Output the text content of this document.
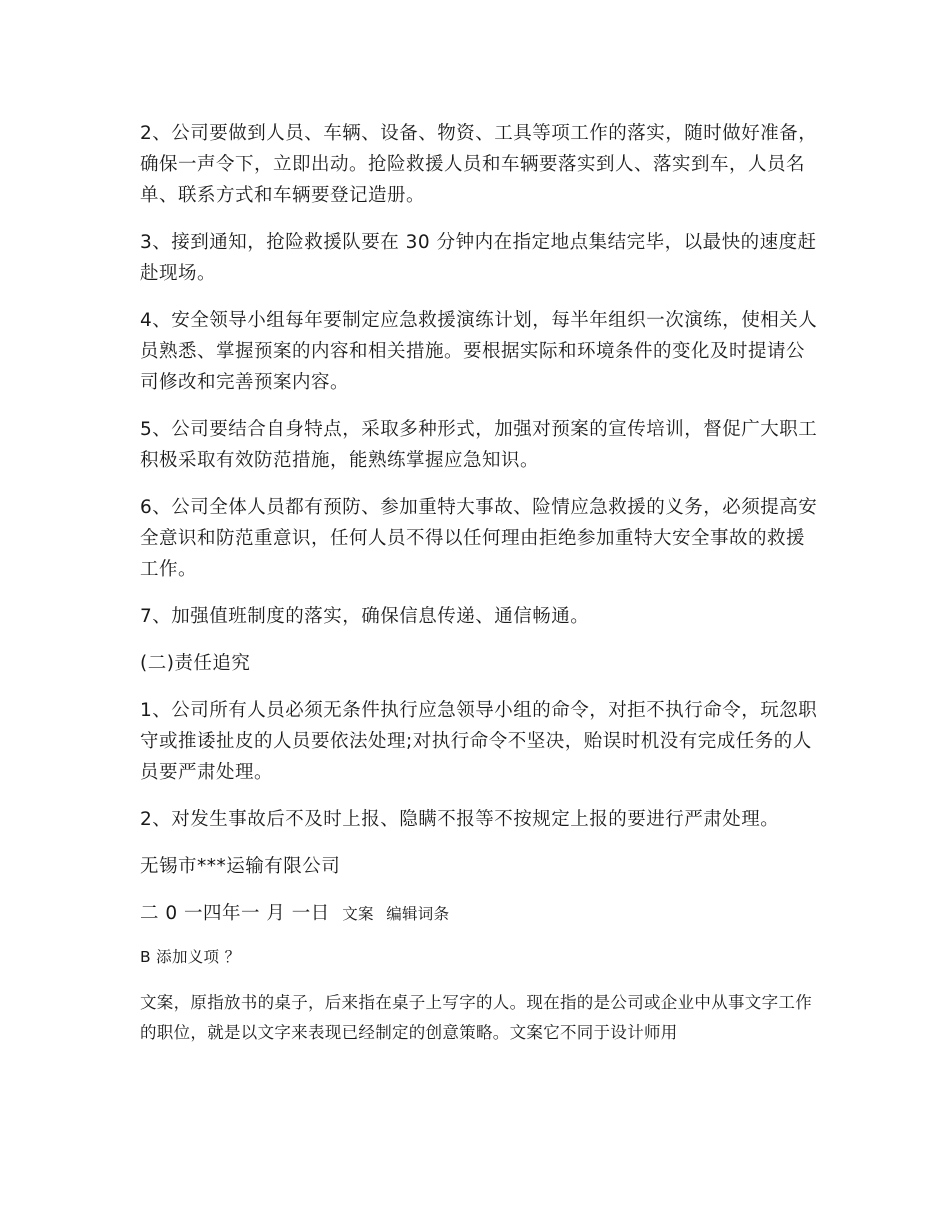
2、公司要做到人员、车辆、设备、物资、工具等项工作的落实，随时做好准备，确保一声令下，立即出动。抢险救援人员和车辆要落实到人、落实到车，人员名单、联系方式和车辆要登记造册。

3、接到通知，抢险救援队要在 30 分钟内在指定地点集结完毕，以最快的速度赶赴现场。

4、安全领导小组每年要制定应急救援演练计划，每半年组织一次演练，使相关人员熟悉、掌握预案的内容和相关措施。要根据实际和环境条件的变化及时提请公司修改和完善预案内容。

5、公司要结合自身特点，采取多种形式，加强对预案的宣传培训，督促广大职工积极采取有效防范措施，能熟练掌握应急知识。

6、公司全体人员都有预防、参加重特大事故、险情应急救援的义务，必须提高安全意识和防范重意识，任何人员不得以任何理由拒绝参加重特大安全事故的救援工作。

7、加强值班制度的落实，确保信息传递、通信畅通。

(二)责任追究

1、公司所有人员必须无条件执行应急领导小组的命令，对拒不执行命令，玩忽职守或推诿扯皮的人员要依法处理;对执行命令不坚决，贻误时机没有完成任务的人员要严肃处理。

2、对发生事故后不及时上报、隐瞒不报等不按规定上报的要进行严肃处理。

无锡市***运输有限公司

二 0 一四年一 月 一日 文案 编辑词条
B 添加义项 ？

文案，原指放书的桌子，后来指在桌子上写字的人。现在指的是公司或企业中从事文字工作的职位，就是以文字来表现已经制定的创意策略。文案它不同于设计师用
